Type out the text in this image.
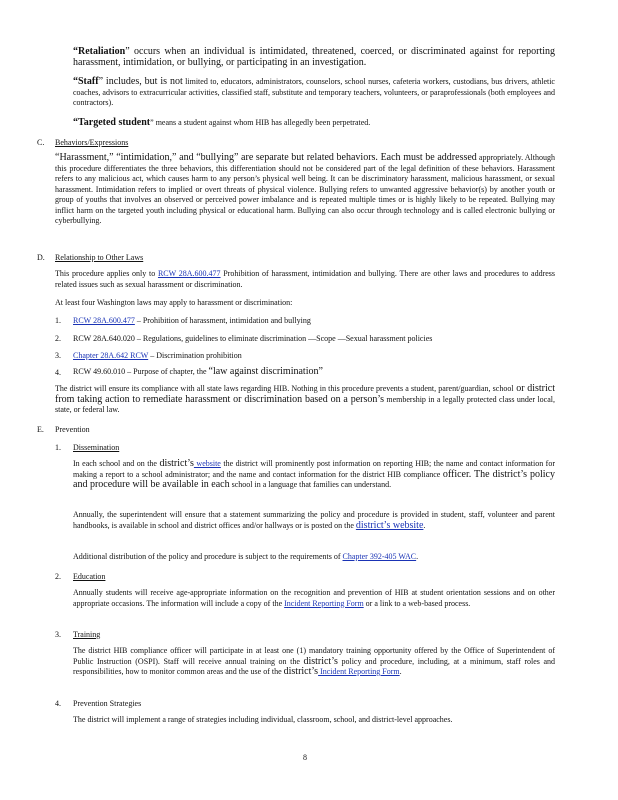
“Retaliation” occurs when an individual is intimidated, threatened, coerced, or discriminated against for reporting harassment, intimidation, or bullying, or participating in an investigation.
“Staff” includes, but is not limited to, educators, administrators, counselors, school nurses, cafeteria workers, custodians, bus drivers, athletic coaches, advisors to extracurricular activities, classified staff, substitute and temporary teachers, volunteers, or paraprofessionals (both employees and contractors).
“Targeted student” means a student against whom HIB has allegedly been perpetrated.
C. Behaviors/Expressions
“Harassment,” “intimidation,” and “bullying” are separate but related behaviors. Each must be addressed appropriately. Although this procedure differentiates the three behaviors, this differentiation should not be considered part of the legal definition of these behaviors. Harassment refers to any malicious act, which causes harm to any person’s physical well being. It can be discriminatory harassment, malicious harassment, or sexual harassment. Intimidation refers to implied or overt threats of physical violence. Bullying refers to unwanted aggressive behavior(s) by another youth or group of youths that involves an observed or perceived power imbalance and is repeated multiple times or is highly likely to be repeated. Bullying may inflict harm on the targeted youth including physical or educational harm. Bullying can also occur through technology and is called electronic bullying or cyberbullying.
D. Relationship to Other Laws
This procedure applies only to RCW 28A.600.477 Prohibition of harassment, intimidation and bullying. There are other laws and procedures to address related issues such as sexual harassment or discrimination.
At least four Washington laws may apply to harassment or discrimination:
1. RCW 28A.600.477 – Prohibition of harassment, intimidation and bullying
2. RCW 28A.640.020 – Regulations, guidelines to eliminate discrimination —Scope —Sexual harassment policies
3. Chapter 28A.642 RCW – Discrimination prohibition
4. RCW 49.60.010 – Purpose of chapter, the “law against discrimination”
The district will ensure its compliance with all state laws regarding HIB. Nothing in this procedure prevents a student, parent/guardian, school or district from taking action to remediate harassment or discrimination based on a person’s membership in a legally protected class under local, state, or federal law.
E. Prevention
1. Dissemination
In each school and on the district’s website the district will prominently post information on reporting HIB; the name and contact information for making a report to a school administrator; and the name and contact information for the district HIB compliance officer. The district’s policy and procedure will be available in each school in a language that families can understand.
Annually, the superintendent will ensure that a statement summarizing the policy and procedure is provided in student, staff, volunteer and parent handbooks, is available in school and district offices and/or hallways or is posted on the district’s website.
Additional distribution of the policy and procedure is subject to the requirements of Chapter 392-405 WAC.
2. Education
Annually students will receive age-appropriate information on the recognition and prevention of HIB at student orientation sessions and on other appropriate occasions. The information will include a copy of the Incident Reporting Form or a link to a web-based process.
3. Training
The district HIB compliance officer will participate in at least one (1) mandatory training opportunity offered by the Office of Superintendent of Public Instruction (OSPI). Staff will receive annual training on the district’s policy and procedure, including, at a minimum, staff roles and responsibilities, how to monitor common areas and the use of the district’s Incident Reporting Form.
4. Prevention Strategies
The district will implement a range of strategies including individual, classroom, school, and district-level approaches.
8
